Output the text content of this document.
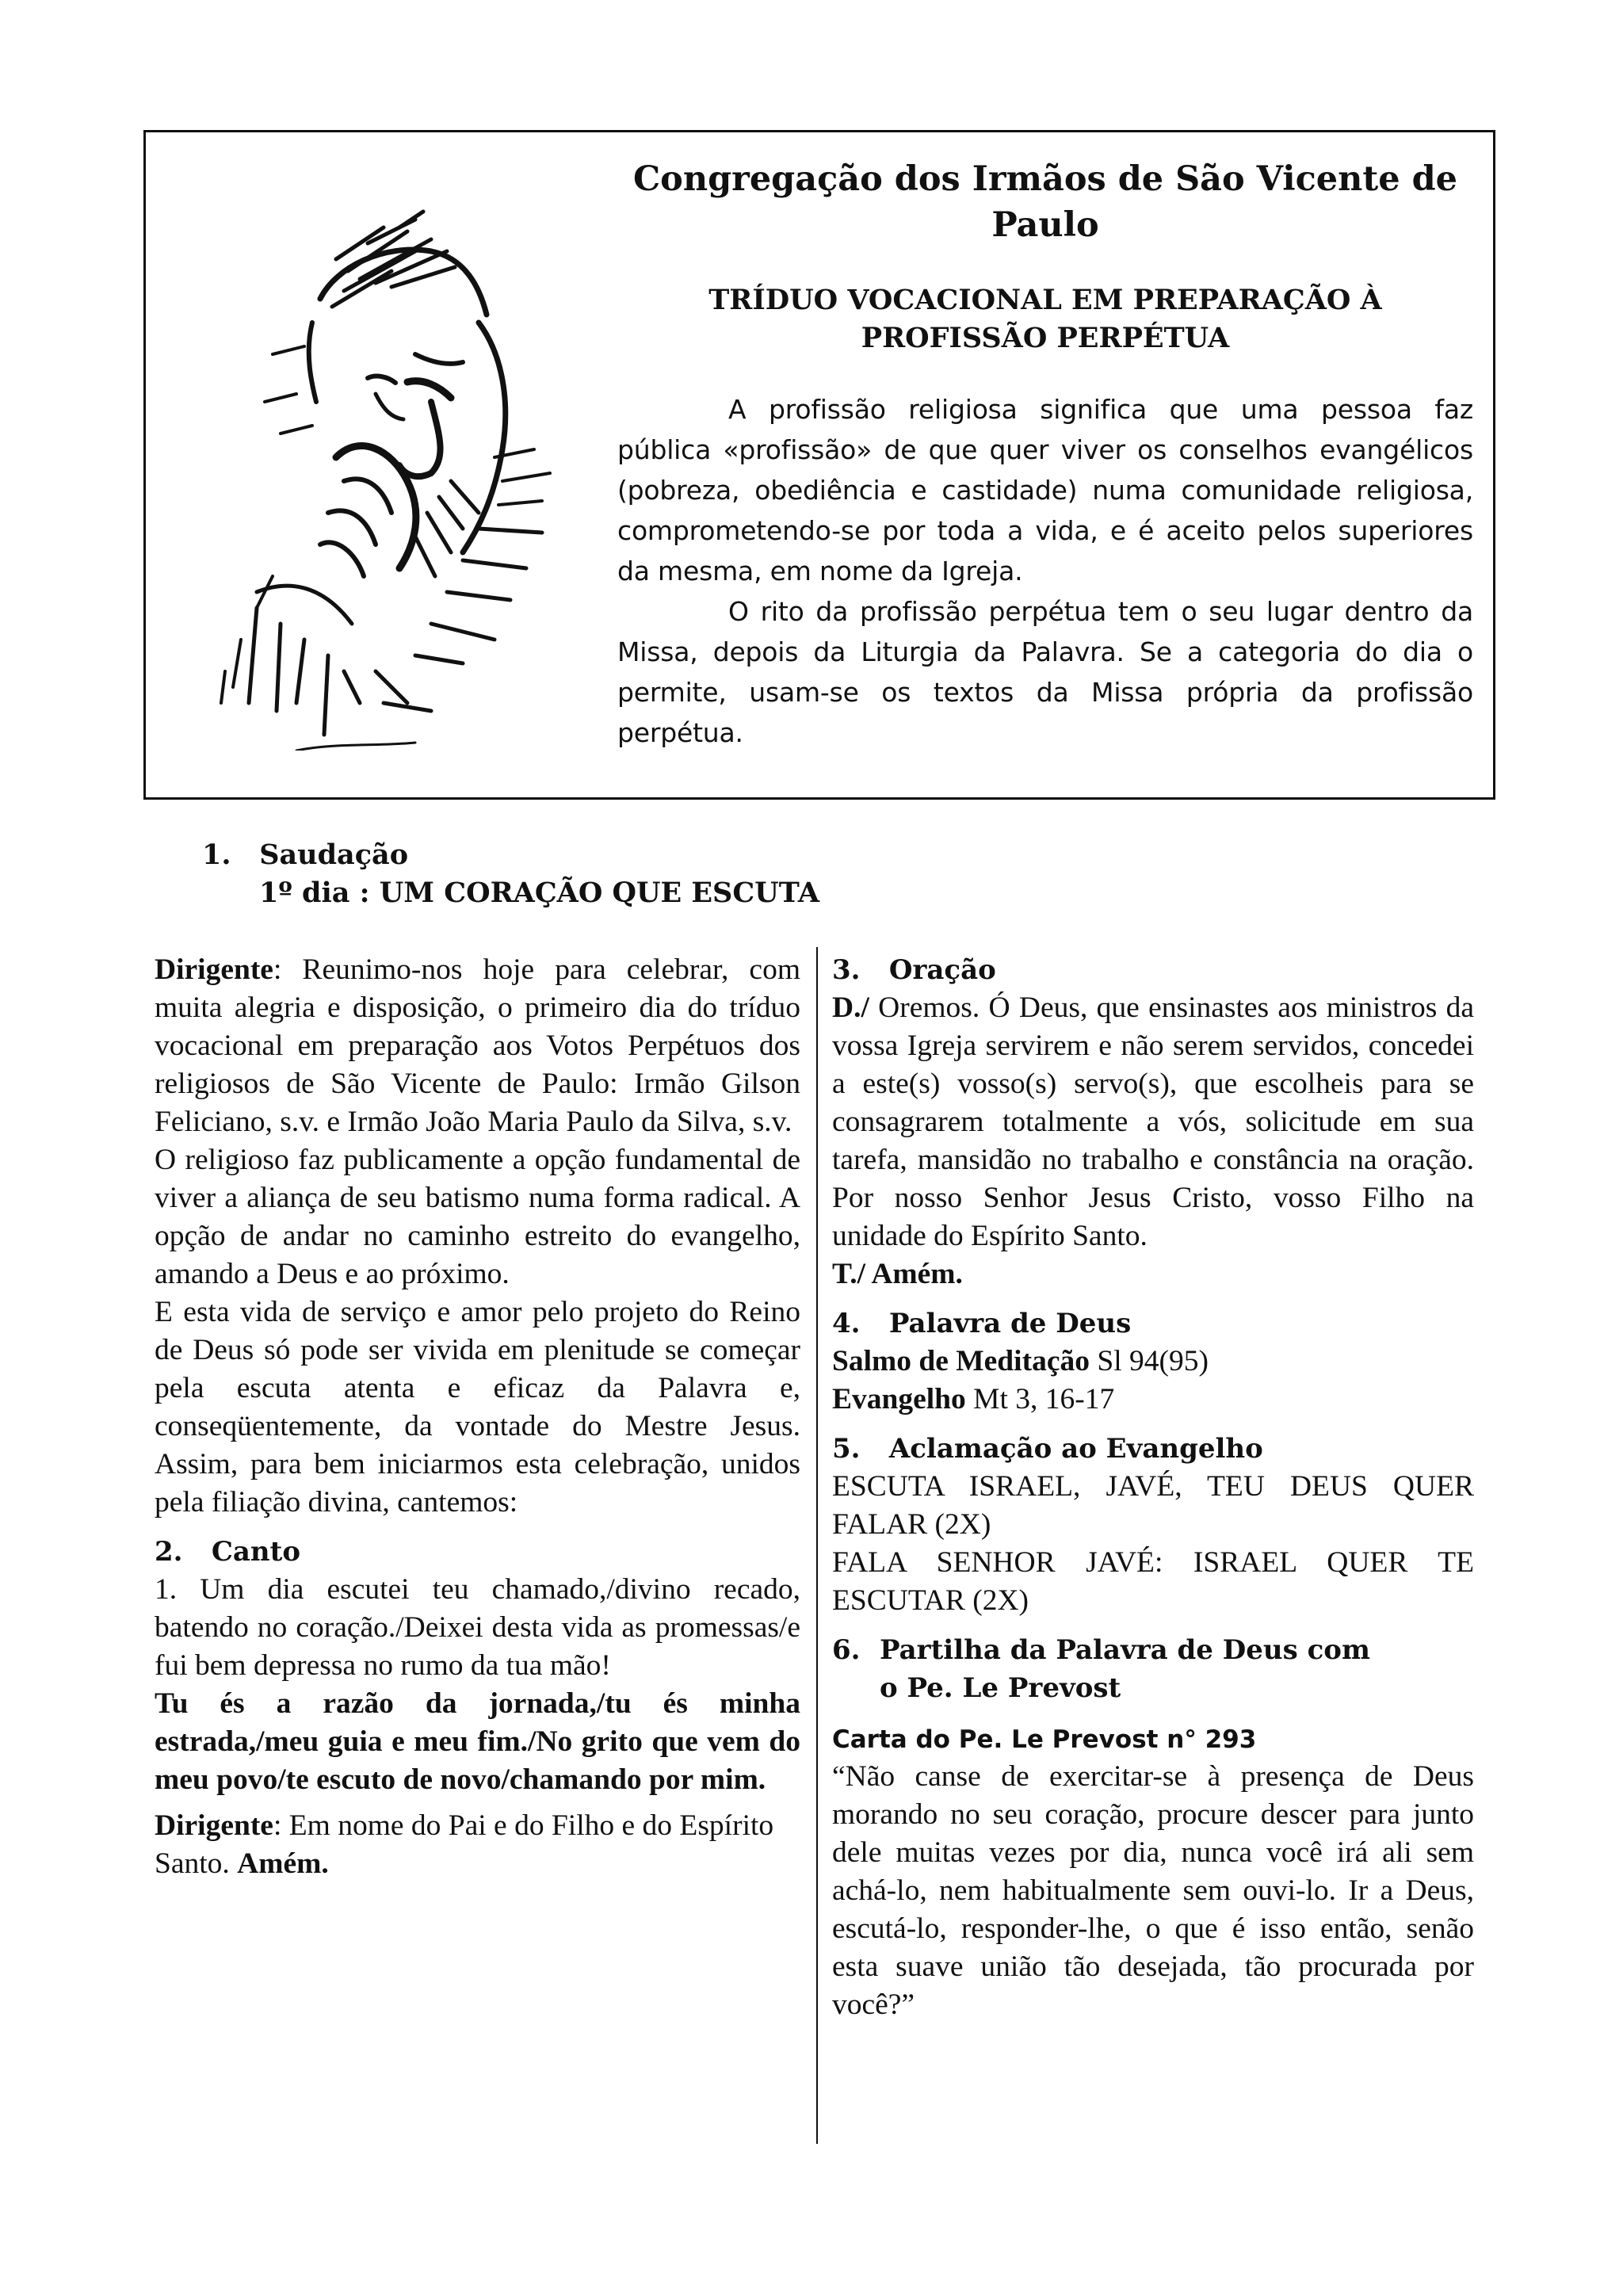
Congregação dos Irmãos de São Vicente de Paulo

TRÍDUO VOCACIONAL EM PREPARAÇÃO À PROFISSÃO PERPÉTUA

A profissão religiosa significa que uma pessoa faz pública «profissão» de que quer viver os conselhos evangélicos (pobreza, obediência e castidade) numa comunidade religiosa, comprometendo-se por toda a vida, e é aceito pelos superiores da mesma, em nome da Igreja.

O rito da profissão perpétua tem o seu lugar dentro da Missa, depois da Liturgia da Palavra. Se a categoria do dia o permite, usam-se os textos da Missa própria da profissão perpétua.

1. Saudação

1º dia : UM CORAÇÃO QUE ESCUTA

Dirigente: Reunimo-nos hoje para celebrar, com muita alegria e disposição, o primeiro dia do tríduo vocacional em preparação aos Votos Perpétuos dos religiosos de São Vicente de Paulo: Irmão Gilson Feliciano, s.v. e Irmão João Maria Paulo da Silva, s.v.

O religioso faz publicamente a opção fundamental de viver a aliança de seu batismo numa forma radical. A opção de andar no caminho estreito do evangelho, amando a Deus e ao próximo.

E esta vida de serviço e amor pelo projeto do Reino de Deus só pode ser vivida em plenitude se começar pela escuta atenta e eficaz da Palavra e, conseqüentemente, da vontade do Mestre Jesus. Assim, para bem iniciarmos esta celebração, unidos pela filiação divina, cantemos:

2. Canto

1. Um dia escutei teu chamado,/divino recado, batendo no coração./Deixei desta vida as promessas/e fui bem depressa no rumo da tua mão!

Tu és a razão da jornada,/tu és minha estrada,/meu guia e meu fim./No grito que vem do meu povo/te escuto de novo/chamando por mim.

Dirigente: Em nome do Pai e do Filho e do Espírito Santo. Amém.

3. Oração

D./ Oremos. Ó Deus, que ensinastes aos ministros da vossa Igreja servirem e não serem servidos, concedei a este(s) vosso(s) servo(s), que escolheis para se consagrarem totalmente a vós, solicitude em sua tarefa, mansidão no trabalho e constância na oração. Por nosso Senhor Jesus Cristo, vosso Filho na unidade do Espírito Santo.

T./ Amém.

4. Palavra de Deus

Salmo de Meditação Sl 94(95)

Evangelho Mt 3, 16-17

5. Aclamação ao Evangelho

ESCUTA ISRAEL, JAVÉ, TEU DEUS QUER FALAR (2X)

FALA SENHOR JAVÉ: ISRAEL QUER TE ESCUTAR (2X)

6. Partilha da Palavra de Deus com o Pe. Le Prevost

Carta do Pe. Le Prevost n° 293

“Não canse de exercitar-se à presença de Deus morando no seu coração, procure descer para junto dele muitas vezes por dia, nunca você irá ali sem achá-lo, nem habitualmente sem ouvi-lo. Ir a Deus, escutá-lo, responder-lhe, o que é isso então, senão esta suave união tão desejada, tão procurada por você?”
